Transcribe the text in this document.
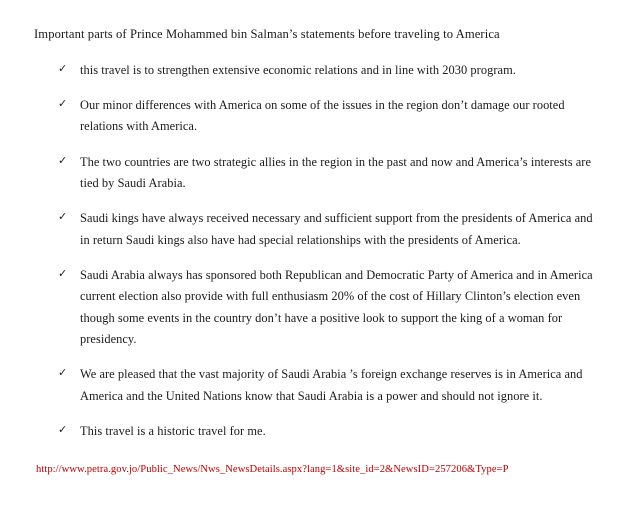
Important parts of Prince Mohammed bin Salman’s statements before traveling to America

✓ this travel is to strengthen extensive economic relations and in line with 2030 program.
✓ Our minor differences with America on some of the issues in the region don’t damage our rooted relations with America.
✓ The two countries are two strategic allies in the region in the past and now and America’s interests are tied by Saudi Arabia.
✓ Saudi kings have always received necessary and sufficient support from the presidents of America and in return Saudi kings also have had special relationships with the presidents of America.
✓ Saudi Arabia always has sponsored both Republican and Democratic Party of America and in America current election also provide with full enthusiasm 20% of the cost of Hillary Clinton’s election even though some events in the country don’t have a positive look to support the king of a woman for presidency.
✓ We are pleased that the vast majority of Saudi Arabia ’s foreign exchange reserves is in America and America and the United Nations know that Saudi Arabia is a power and should not ignore it.
✓ This travel is a historic travel for me.
http://www.petra.gov.jo/Public_News/Nws_NewsDetails.aspx?lang=1&site_id=2&NewsID=257206&Type=P
